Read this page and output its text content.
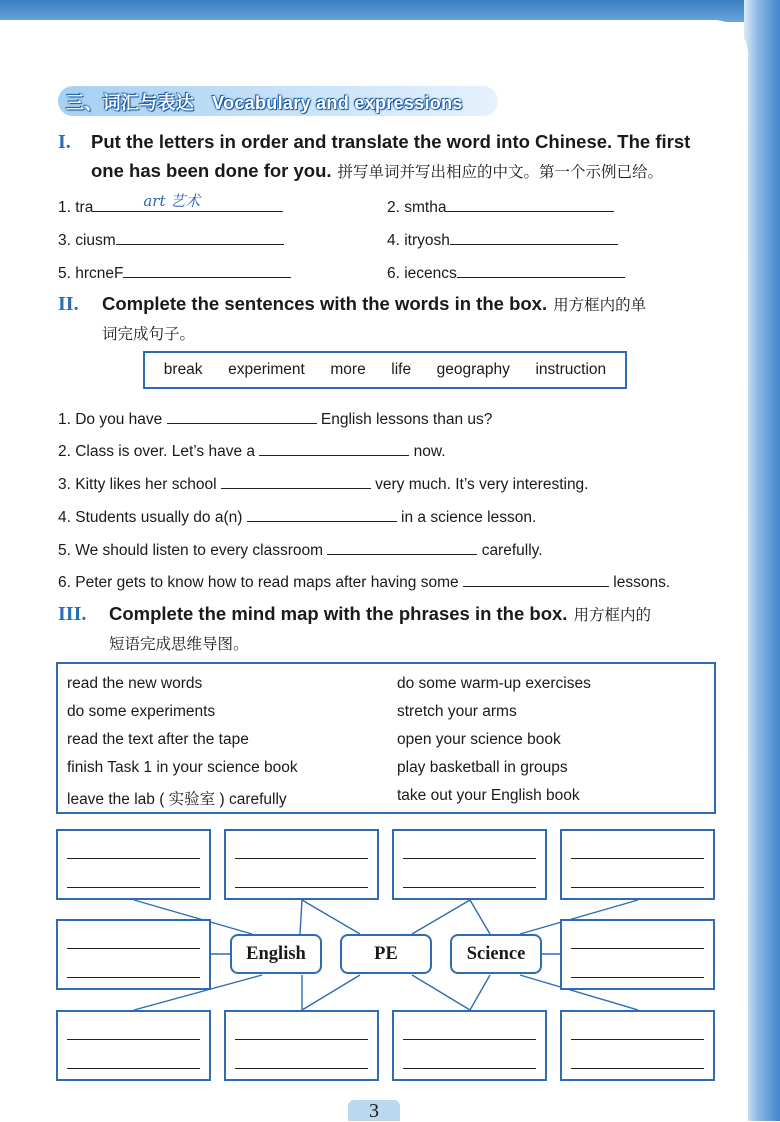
三、词汇与表达 Vocabulary and expressions
I. Put the letters in order and translate the word into Chinese. The first
one has been done for you. 拼写单词并写出相应的中文。第一个示例已给。
1. tra	art 艺术	2. smtha
3. ciusm	4. itryosh
5. hrcneF	6. iecencs
II. Complete the sentences with the words in the box. 用方框内的单
词完成句子。
break experiment more life geography instruction
1. Do you have	English lessons than us?
2. Class is over. Let’s have a	now.
3. Kitty likes her school	very much. It’s very interesting.
4. Students usually do a(n)	in a science lesson.
5. We should listen to every classroom	carefully.
6. Peter gets to know how to read maps after having some	lessons.
III. Complete the mind map with the phrases in the box. 用方框内的
短语完成思维导图。
read the new words
do some experiments
read the text after the tape
finish Task 1 in your science book
leave the lab ( 实验室 ) carefully
do some warm-up exercises
stretch your arms
open your science book
play basketball in groups
take out your English book
English	PE	Science
3
